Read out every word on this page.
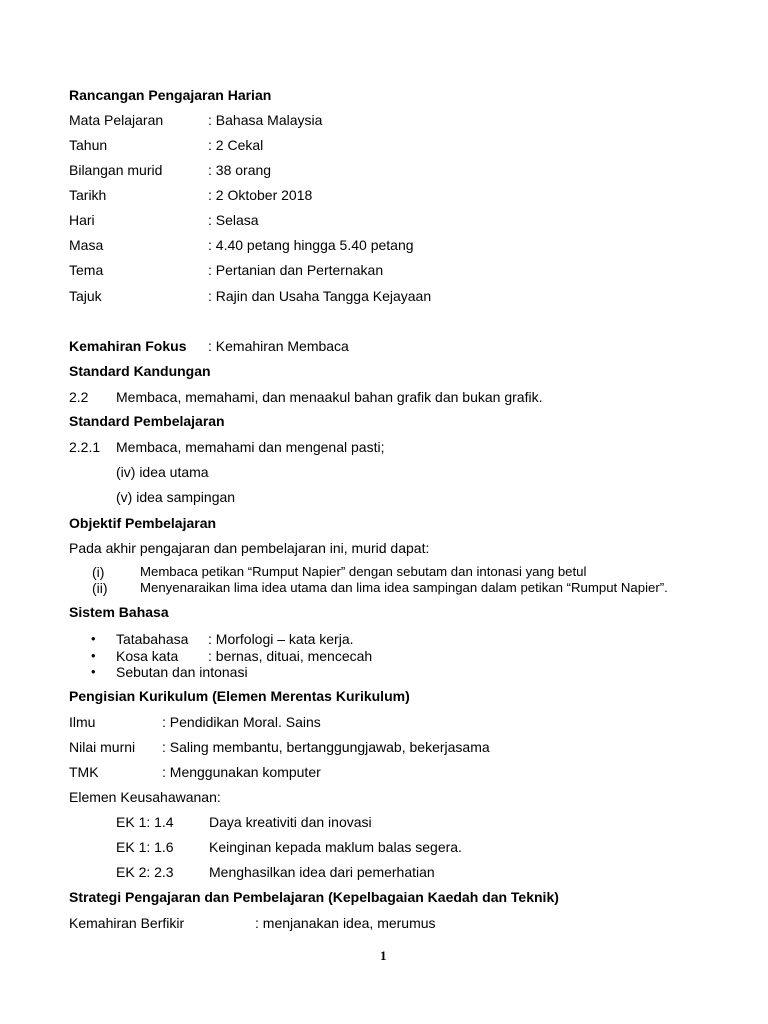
Rancangan Pengajaran Harian
Mata Pelajaran	: Bahasa Malaysia
Tahun	: 2 Cekal
Bilangan murid	: 38 orang
Tarikh	: 2 Oktober 2018
Hari	: Selasa
Masa	: 4.40 petang hingga 5.40 petang
Tema	: Pertanian dan Perternakan
Tajuk	: Rajin dan Usaha Tangga Kejayaan
Kemahiran Fokus : Kemahiran Membaca
Standard Kandungan
2.2 Membaca, memahami, dan menaakul bahan grafik dan bukan grafik.
Standard Pembelajaran
2.2.1 Membaca, memahami dan mengenal pasti;
(iv) idea utama
(v) idea sampingan
Objektif Pembelajaran
Pada akhir pengajaran dan pembelajaran ini, murid dapat:
(i)	Membaca petikan “Rumput Napier” dengan sebutam dan intonasi yang betul
(ii) Menyenaraikan lima idea utama dan lima idea sampingan dalam petikan “Rumput Napier”.
Sistem Bahasa
• Tatabahasa : Morfologi – kata kerja.
• Kosa kata : bernas, dituai, mencecah
• Sebutan dan intonasi
Pengisian Kurikulum (Elemen Merentas Kurikulum)
Ilmu	: Pendidikan Moral. Sains
Nilai murni : Saling membantu, bertanggungjawab, bekerjasama
TMK	: Menggunakan komputer
Elemen Keusahawanan:
EK 1: 1.4	Daya kreativiti dan inovasi
EK 1: 1.6	Keinginan kepada maklum balas segera.
EK 2: 2.3	Menghasilkan idea dari pemerhatian
Strategi Pengajaran dan Pembelajaran (Kepelbagaian Kaedah dan Teknik)
Kemahiran Berfikir	: menjanakan idea, merumus
1
